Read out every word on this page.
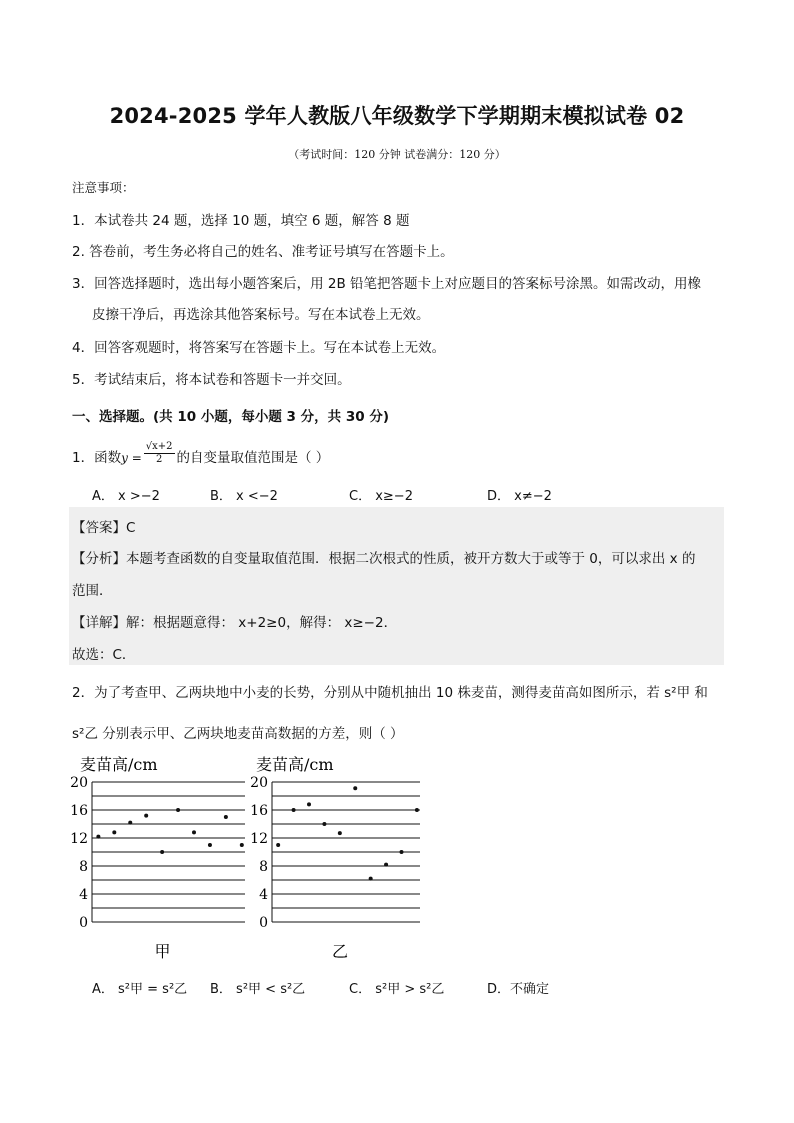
2024-2025 学年人教版八年级数学下学期期末模拟试卷 02
（考试时间：120 分钟 试卷满分：120 分）
注意事项：
1．本试卷共 24 题，选择 10 题，填空 6 题，解答 8 题
2. 答卷前，考生务必将自己的姓名、准考证号填写在答题卡上。
3．回答选择题时，选出每小题答案后，用 2B 铅笔把答题卡上对应题目的答案标号涂黑。如需改动，用橡
皮擦干净后，再选涂其他答案标号。写在本试卷上无效。
4．回答客观题时，将答案写在答题卡上。写在本试卷上无效。
5．考试结束后，将本试卷和答题卡一并交回。
一、选择题。(共 10 小题，每小题 3 分，共 30 分)
1．函数$y = \frac{√x+2}{2}$ 的自变量取值范围是（ ）
A． x >−2	B． x <−2	C． x≥−2	D． x≠−2
【答案】C
【分析】本题考查函数的自变量取值范围．根据二次根式的性质，被开方数大于或等于 0，可以求出 x 的
范围．
【详解】解：根据题意得： x+2≥0，解得： x≥−2．
故选：C．
2．为了考查甲、乙两块地中小麦的长势，分别从中随机抽出 10 株麦苗，测得麦苗高如图所示，若 s²甲 和
s²乙 分别表示甲、乙两块地麦苗高数据的方差，则（ ）
0
4
8
12
16
20
麦苗高/cm
甲
0
4
8
12
16
20
麦苗高/cm
乙
A． s²甲 = s²乙 B． s²甲 < s²乙	C． s²甲 > s²乙	D．不确定
